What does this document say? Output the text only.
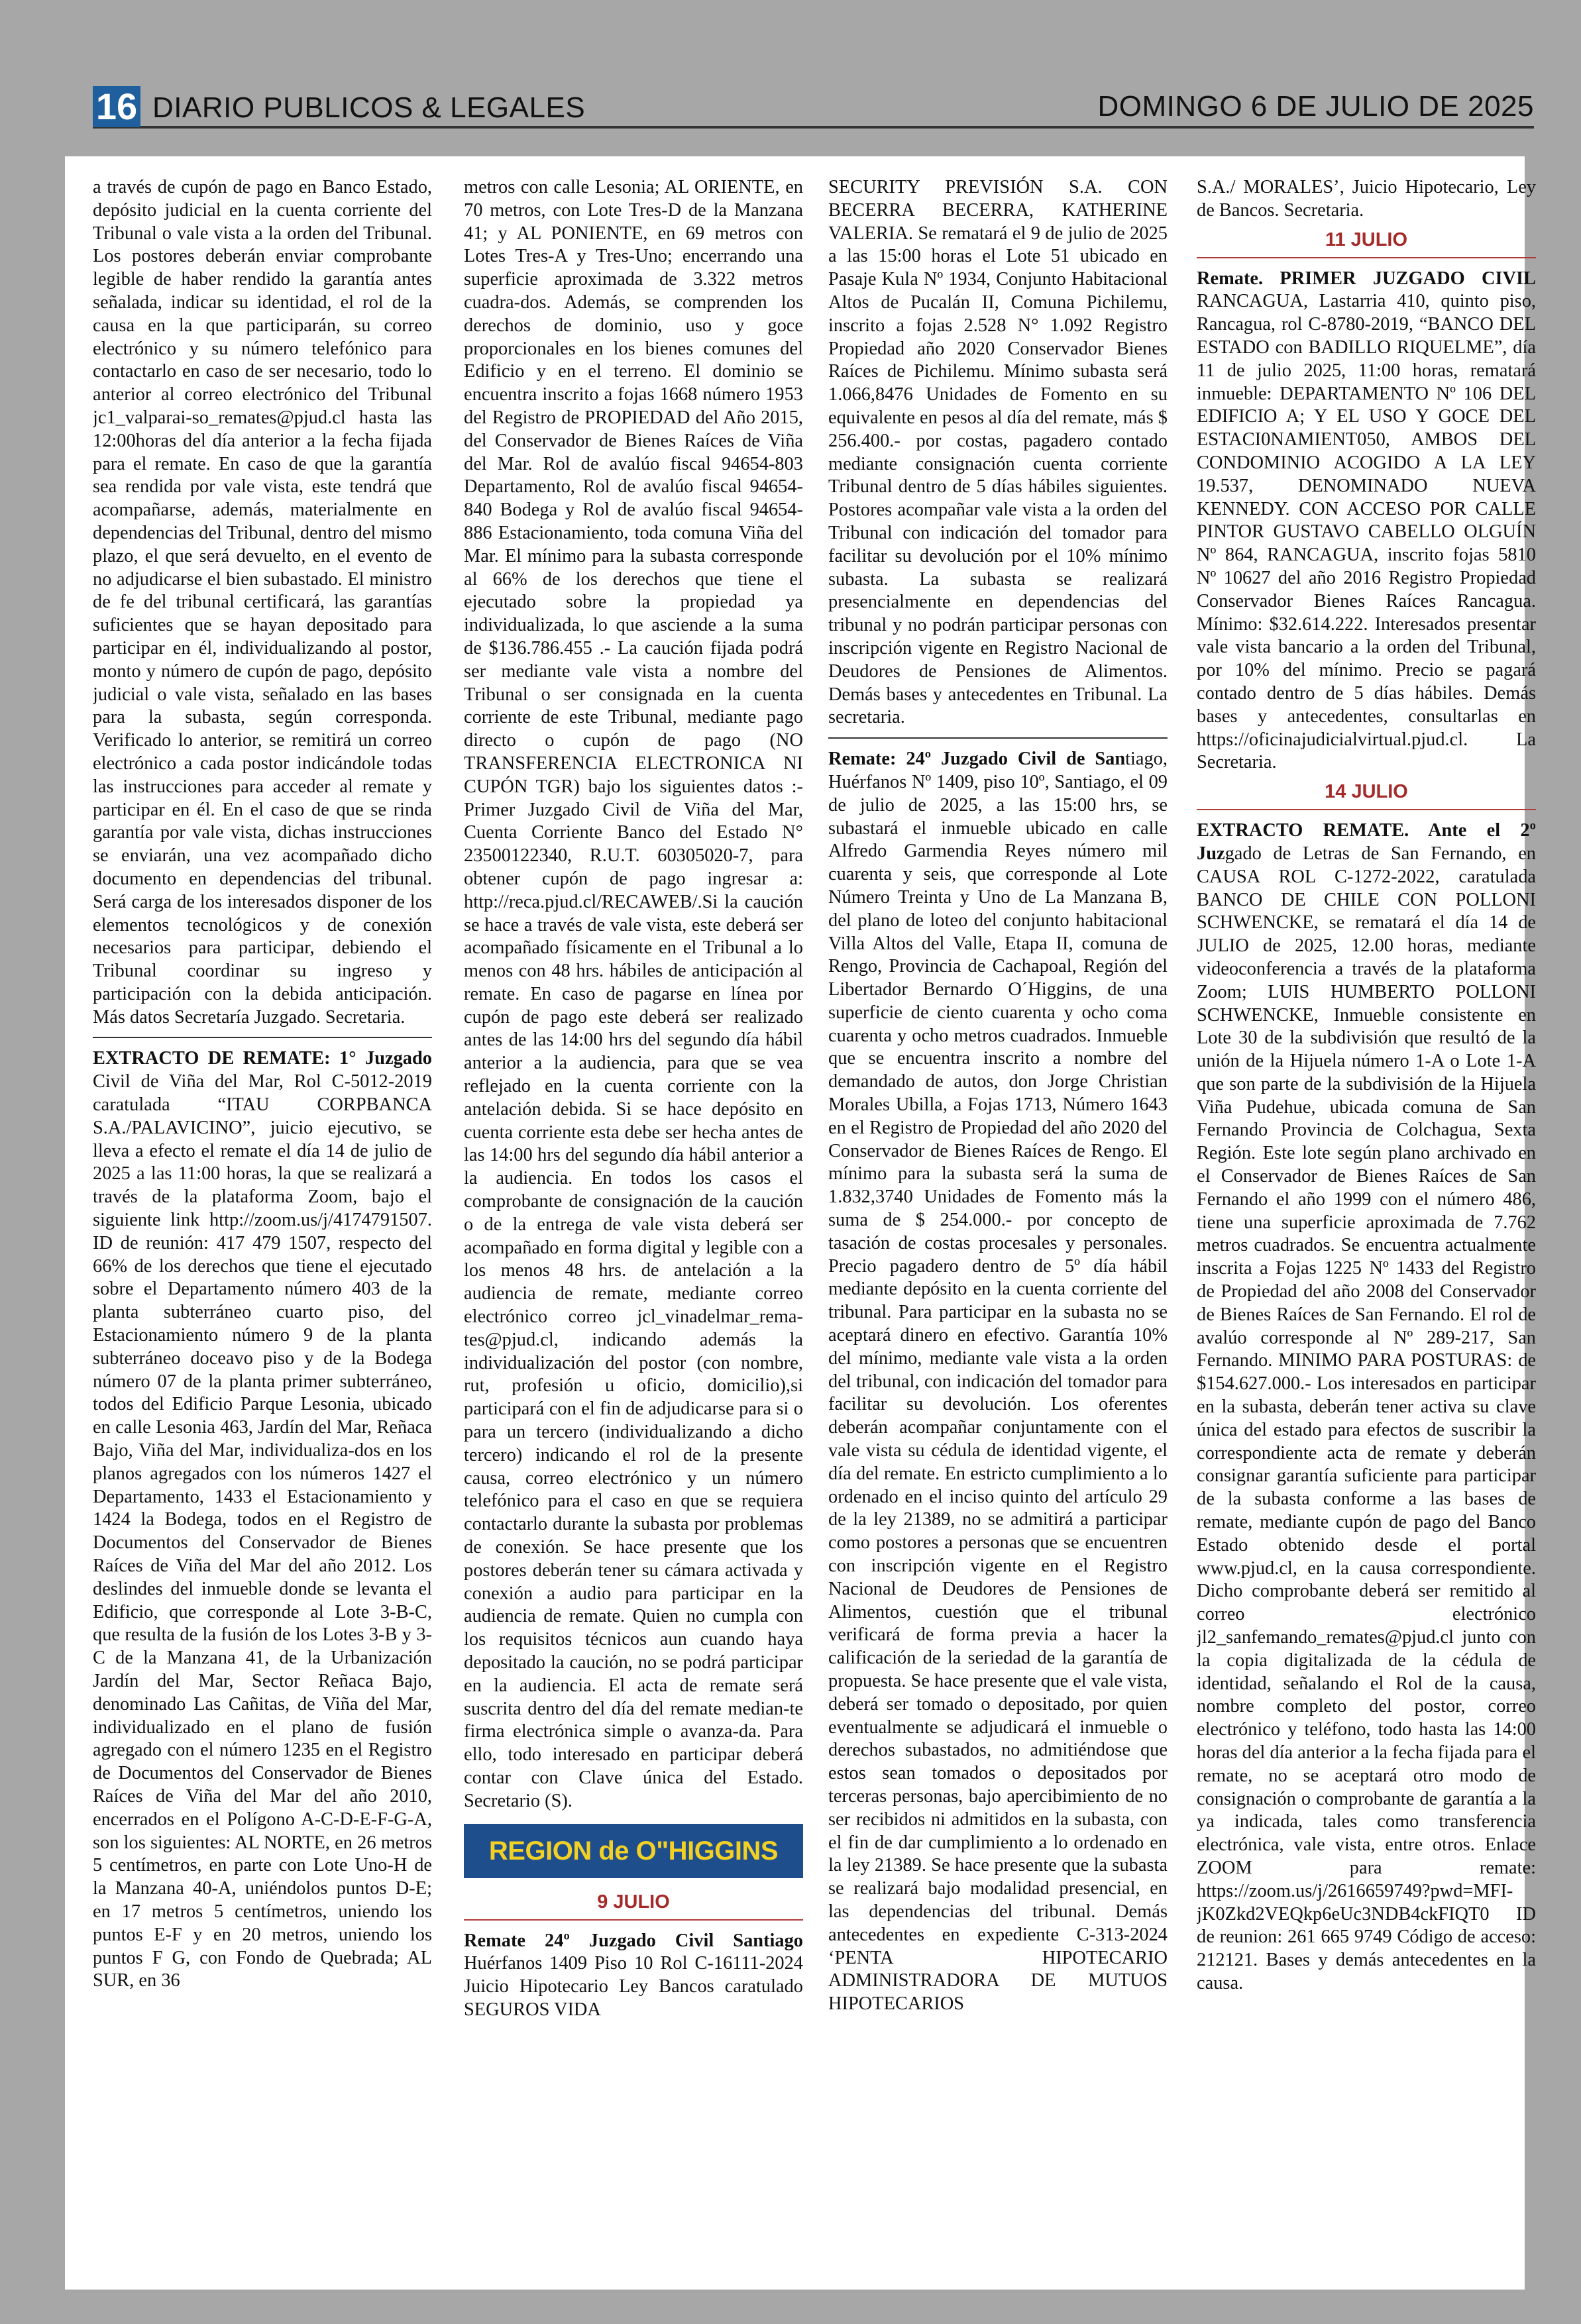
16 DIARIO PUBLICOS & LEGALES	DOMINGO 6 DE JULIO DE 2025

a través de cupón de pago en Banco Estado, depósito judicial en la cuenta corriente del Tribunal o vale vista a la orden del Tribunal. Los postores deberán enviar comprobante legible de haber rendido la garantía antes señalada, indicar su identidad, el rol de la causa en la que participarán, su correo electrónico y su número telefónico para contactarlo en caso de ser necesario, todo lo anterior al correo electrónico del Tribunal jc1_valparai-so_remates@pjud.cl hasta las 12:00horas del día anterior a la fecha fijada para el remate. En caso de que la garantía sea rendida por vale vista, este tendrá que acompañarse, además, materialmente en dependencias del Tribunal, dentro del mismo plazo, el que será devuelto, en el evento de no adjudicarse el bien subastado. El ministro de fe del tribunal certificará, las garantías suficientes que se hayan depositado para participar en él, individualizando al postor, monto y número de cupón de pago, depósito judicial o vale vista, señalado en las bases para la subasta, según corresponda. Verificado lo anterior, se remitirá un correo electrónico a cada postor indicándole todas las instrucciones para acceder al remate y participar en él. En el caso de que se rinda garantía por vale vista, dichas instrucciones se enviarán, una vez acompañado dicho documento en dependencias del tribunal. Será carga de los interesados disponer de los elementos tecnológicos y de conexión necesarios para participar, debiendo el Tribunal coordinar su ingreso y participación con la debida anticipación. Más datos Secretaría Juzgado. Secretaria.

EXTRACTO DE REMATE: 1° Juzgado Civil de Viña del Mar, Rol C-5012-2019 caratulada “ITAU CORPBANCA S.A./PALAVICINO”, juicio ejecutivo, se lleva a efecto el remate el día 14 de julio de 2025 a las 11:00 horas, la que se realizará a través de la plataforma Zoom, bajo el siguiente link http://zoom.us/j/4174791507. ID de reunión: 417 479 1507, respecto del 66% de los derechos que tiene el ejecutado sobre el Departamento número 403 de la planta subterráneo cuarto piso, del Estacionamiento número 9 de la planta subterráneo doceavo piso y de la Bodega número 07 de la planta primer subterráneo, todos del Edificio Parque Lesonia, ubicado en calle Lesonia 463, Jardín del Mar, Reñaca Bajo, Viña del Mar, individualiza-dos en los planos agregados con los números 1427 el Departamento, 1433 el Estacionamiento y 1424 la Bodega, todos en el Registro de Documentos del Conservador de Bienes Raíces de Viña del Mar del año 2012. Los deslindes del inmueble donde se levanta el Edificio, que corresponde al Lote 3-B-C, que resulta de la fusión de los Lotes 3-B y 3-C de la Manzana 41, de la Urbanización Jardín del Mar, Sector Reñaca Bajo, denominado Las Cañitas, de Viña del Mar, individualizado en el plano de fusión agregado con el número 1235 en el Registro de Documentos del Conservador de Bienes Raíces de Viña del Mar del año 2010, encerrados en el Polígono A-C-D-E-F-G-A, son los siguientes: AL NORTE, en 26 metros 5 centímetros, en parte con Lote Uno-H de la Manzana 40-A, uniéndolos puntos D-E; en 17 metros 5 centímetros, uniendo los puntos E-F y en 20 metros, uniendo los puntos F G, con Fondo de Quebrada; AL SUR, en 36

metros con calle Lesonia; AL ORIENTE, en 70 metros, con Lote Tres-D de la Manzana 41; y AL PONIENTE, en 69 metros con Lotes Tres-A y Tres-Uno; encerrando una superficie aproximada de 3.322 metros cuadra-dos. Además, se comprenden los derechos de dominio, uso y goce proporcionales en los bienes comunes del Edificio y en el terreno. El dominio se encuentra inscrito a fojas 1668 número 1953 del Registro de PROPIEDAD del Año 2015, del Conservador de Bienes Raíces de Viña del Mar. Rol de avalúo fiscal 94654-803 Departamento, Rol de avalúo fiscal 94654-840 Bodega y Rol de avalúo fiscal 94654-886 Estacionamiento, toda comuna Viña del Mar. El mínimo para la subasta corresponde al 66% de los derechos que tiene el ejecutado sobre la propiedad ya individualizada, lo que asciende a la suma de $136.786.455 .- La caución fijada podrá ser mediante vale vista a nombre del Tribunal o ser consignada en la cuenta corriente de este Tribunal, mediante pago directo o cupón de pago (NO TRANSFERENCIA ELECTRONICA NI CUPÓN TGR) bajo los siguientes datos :- Primer Juzgado Civil de Viña del Mar, Cuenta Corriente Banco del Estado N° 23500122340, R.U.T. 60305020-7, para obtener cupón de pago ingresar a: http://reca.pjud.cl/RECAWEB/.Si la caución se hace a través de vale vista, este deberá ser acompañado físicamente en el Tribunal a lo menos con 48 hrs. hábiles de anticipación al remate. En caso de pagarse en línea por cupón de pago este deberá ser realizado antes de las 14:00 hrs del segundo día hábil anterior a la audiencia, para que se vea reflejado en la cuenta corriente con la antelación debida. Si se hace depósito en cuenta corriente esta debe ser hecha antes de las 14:00 hrs del segundo día hábil anterior a la audiencia. En todos los casos el comprobante de consignación de la caución o de la entrega de vale vista deberá ser acompañado en forma digital y legible con a los menos 48 hrs. de antelación a la audiencia de remate, mediante correo electrónico correo jcl_vinadelmar_rema-tes@pjud.cl, indicando además la individualización del postor (con nombre, rut, profesión u oficio, domicilio),si participará con el fin de adjudicarse para si o para un tercero (individualizando a dicho tercero) indicando el rol de la presente causa, correo electrónico y un número telefónico para el caso en que se requiera contactarlo durante la subasta por problemas de conexión. Se hace presente que los postores deberán tener su cámara activada y conexión a audio para participar en la audiencia de remate. Quien no cumpla con los requisitos técnicos aun cuando haya depositado la caución, no se podrá participar en la audiencia. El acta de remate será suscrita dentro del día del remate median-te firma electrónica simple o avanza-da. Para ello, todo interesado en participar deberá contar con Clave única del Estado. Secretario (S).

REGION de O"HIGGINS
9 JULIO

Remate 24º Juzgado Civil Santiago Huérfanos 1409 Piso 10 Rol C-16111-2024 Juicio Hipotecario Ley Bancos caratulado SEGUROS VIDA

SECURITY PREVISIÓN S.A. CON BECERRA BECERRA, KATHERINE VALERIA. Se rematará el 9 de julio de 2025 a las 15:00 horas el Lote 51 ubicado en Pasaje Kula Nº 1934, Conjunto Habitacional Altos de Pucalán II, Comuna Pichilemu, inscrito a fojas 2.528 N° 1.092 Registro Propiedad año 2020 Conservador Bienes Raíces de Pichilemu. Mínimo subasta será 1.066,8476 Unidades de Fomento en su equivalente en pesos al día del remate, más $ 256.400.- por costas, pagadero contado mediante consignación cuenta corriente Tribunal dentro de 5 días hábiles siguientes. Postores acompañar vale vista a la orden del Tribunal con indicación del tomador para facilitar su devolución por el 10% mínimo subasta. La subasta se realizará presencialmente en dependencias del tribunal y no podrán participar personas con inscripción vigente en Registro Nacional de Deudores de Pensiones de Alimentos. Demás bases y antecedentes en Tribunal. La secretaria.

Remate: 24º Juzgado Civil de Santiago, Huérfanos Nº 1409, piso 10º, Santiago, el 09 de julio de 2025, a las 15:00 hrs, se subastará el inmueble ubicado en calle Alfredo Garmendia Reyes número mil cuarenta y seis, que corresponde al Lote Número Treinta y Uno de La Manzana B, del plano de loteo del conjunto habitacional Villa Altos del Valle, Etapa II, comuna de Rengo, Provincia de Cachapoal, Región del Libertador Bernardo O´Higgins, de una superficie de ciento cuarenta y ocho coma cuarenta y ocho metros cuadrados. Inmueble que se encuentra inscrito a nombre del demandado de autos, don Jorge Christian Morales Ubilla, a Fojas 1713, Número 1643 en el Registro de Propiedad del año 2020 del Conservador de Bienes Raíces de Rengo. El mínimo para la subasta será la suma de 1.832,3740 Unidades de Fomento más la suma de $ 254.000.- por concepto de tasación de costas procesales y personales. Precio pagadero dentro de 5º día hábil mediante depósito en la cuenta corriente del tribunal. Para participar en la subasta no se aceptará dinero en efectivo. Garantía 10% del mínimo, mediante vale vista a la orden del tribunal, con indicación del tomador para facilitar su devolución. Los oferentes deberán acompañar conjuntamente con el vale vista su cédula de identidad vigente, el día del remate. En estricto cumplimiento a lo ordenado en el inciso quinto del artículo 29 de la ley 21389, no se admitirá a participar como postores a personas que se encuentren con inscripción vigente en el Registro Nacional de Deudores de Pensiones de Alimentos, cuestión que el tribunal verificará de forma previa a hacer la calificación de la seriedad de la garantía de propuesta. Se hace presente que el vale vista, deberá ser tomado o depositado, por quien eventualmente se adjudicará el inmueble o derechos subastados, no admitiéndose que estos sean tomados o depositados por terceras personas, bajo apercibimiento de no ser recibidos ni admitidos en la subasta, con el fin de dar cumplimiento a lo ordenado en la ley 21389. Se hace presente que la subasta se realizará bajo modalidad presencial, en las dependencias del tribunal. Demás antecedentes en expediente C-313-2024 ‘PENTA HIPOTECARIO ADMINISTRADORA DE MUTUOS HIPOTECARIOS

S.A./ MORALES’, Juicio Hipotecario, Ley de Bancos. Secretaria.

11 JULIO

Remate. PRIMER JUZGADO CIVIL RANCAGUA, Lastarria 410, quinto piso, Rancagua, rol C-8780-2019, “BANCO DEL ESTADO con BADILLO RIQUELME”, día 11 de julio 2025, 11:00 horas, rematará inmueble: DEPARTAMENTO Nº 106 DEL EDIFICIO A; Y EL USO Y GOCE DEL ESTACI0NAMIENT050, AMBOS DEL CONDOMINIO ACOGIDO A LA LEY 19.537, DENOMINADO NUEVA KENNEDY. CON ACCESO POR CALLE PINTOR GUSTAVO CABELLO OLGUÍN Nº 864, RANCAGUA, inscrito fojas 5810 Nº 10627 del año 2016 Registro Propiedad Conservador Bienes Raíces Rancagua. Mínimo: $32.614.222. Interesados presentar vale vista bancario a la orden del Tribunal, por 10% del mínimo. Precio se pagará contado dentro de 5 días hábiles. Demás bases y antecedentes, consultarlas en https://oficinajudicialvirtual.pjud.cl. La Secretaria.

14 JULIO

EXTRACTO REMATE. Ante el 2º Juzgado de Letras de San Fernando, en CAUSA ROL C-1272-2022, caratulada BANCO DE CHILE CON POLLONI SCHWENCKE, se rematará el día 14 de JULIO de 2025, 12.00 horas, mediante videoconferencia a través de la plataforma Zoom; LUIS HUMBERTO POLLONI SCHWENCKE, Inmueble consistente en Lote 30 de la subdivisión que resultó de la unión de la Hijuela número 1-A o Lote 1-A que son parte de la subdivisión de la Hijuela Viña Pudehue, ubicada comuna de San Fernando Provincia de Colchagua, Sexta Región. Este lote según plano archivado en el Conservador de Bienes Raíces de San Fernando el año 1999 con el número 486, tiene una superficie aproximada de 7.762 metros cuadrados. Se encuentra actualmente inscrita a Fojas 1225 Nº 1433 del Registro de Propiedad del año 2008 del Conservador de Bienes Raíces de San Fernando. El rol de avalúo corresponde al Nº 289-217, San Fernando. MINIMO PARA POSTURAS: de $154.627.000.- Los interesados en participar en la subasta, deberán tener activa su clave única del estado para efectos de suscribir la correspondiente acta de remate y deberán consignar garantía suficiente para participar de la subasta conforme a las bases de remate, mediante cupón de pago del Banco Estado obtenido desde el portal www.pjud.cl, en la causa correspondiente. Dicho comprobante deberá ser remitido al correo electrónico jl2_sanfemando_remates@pjud.cl junto con la copia digitalizada de la cédula de identidad, señalando el Rol de la causa, nombre completo del postor, correo electrónico y teléfono, todo hasta las 14:00 horas del día anterior a la fecha fijada para el remate, no se aceptará otro modo de consignación o comprobante de garantía a la ya indicada, tales como transferencia electrónica, vale vista, entre otros. Enlace ZOOM para remate: https://zoom.us/j/2616659749?pwd=MFI-jK0Zkd2VEQkp6eUc3NDB4ckFIQT0 ID de reunion: 261 665 9749 Código de acceso: 212121. Bases y demás antecedentes en la causa.
